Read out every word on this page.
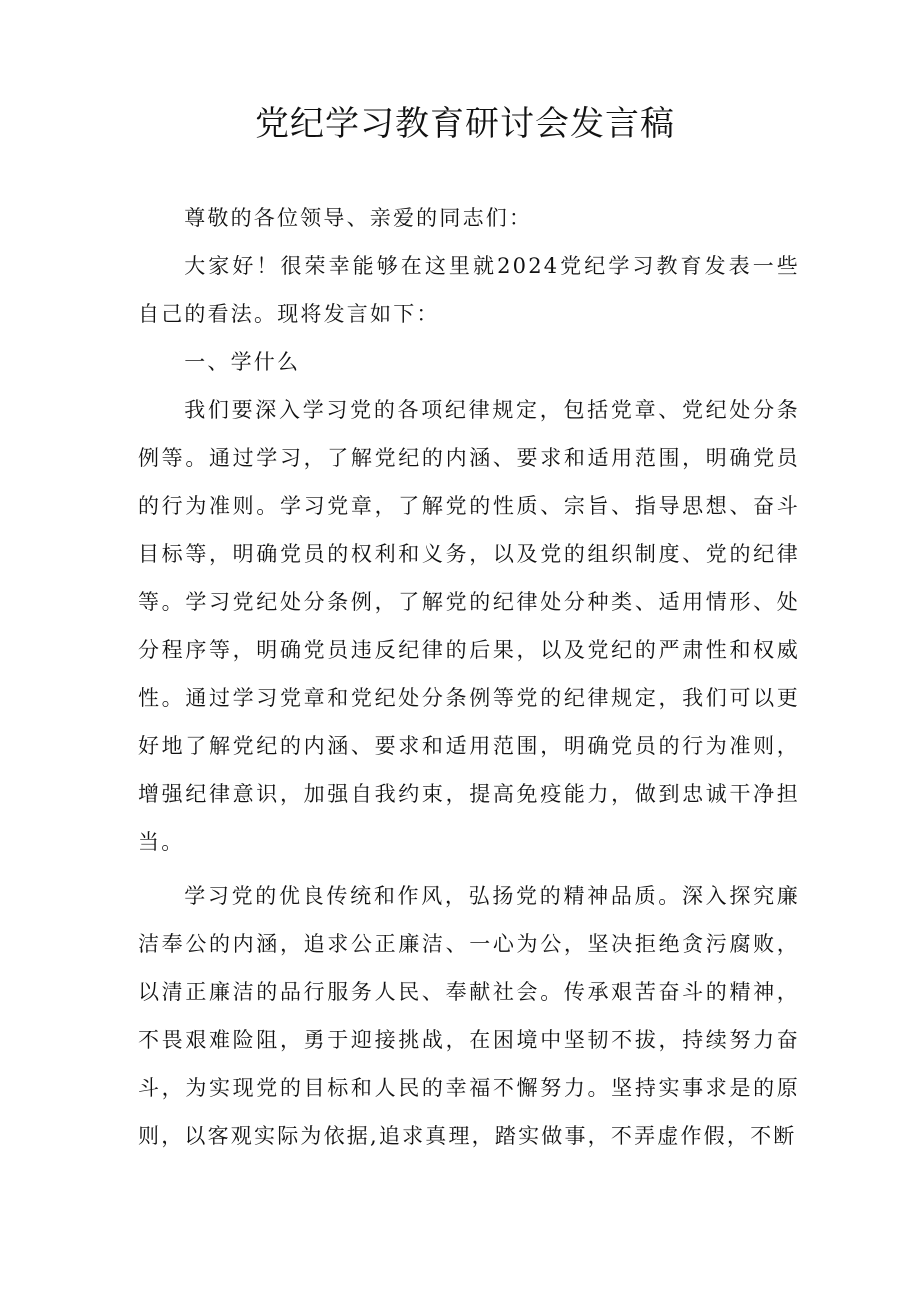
党纪学习教育研讨会发言稿

尊敬的各位领导、亲爱的同志们：

大家好！很荣幸能够在这里就2024党纪学习教育发表一些自己的看法。现将发言如下：

一、学什么

我们要深入学习党的各项纪律规定，包括党章、党纪处分条例等。通过学习，了解党纪的内涵、要求和适用范围，明确党员的行为准则。学习党章，了解党的性质、宗旨、指导思想、奋斗目标等，明确党员的权利和义务，以及党的组织制度、党的纪律等。学习党纪处分条例，了解党的纪律处分种类、适用情形、处分程序等，明确党员违反纪律的后果，以及党纪的严肃性和权威性。通过学习党章和党纪处分条例等党的纪律规定，我们可以更好地了解党纪的内涵、要求和适用范围，明确党员的行为准则，增强纪律意识，加强自我约束，提高免疫能力，做到忠诚干净担当。

学习党的优良传统和作风，弘扬党的精神品质。深入探究廉洁奉公的内涵，追求公正廉洁、一心为公，坚决拒绝贪污腐败，以清正廉洁的品行服务人民、奉献社会。传承艰苦奋斗的精神，不畏艰难险阻，勇于迎接挑战，在困境中坚韧不拔，持续努力奋斗，为实现党的目标和人民的幸福不懈努力。坚持实事求是的原则，以客观实际为依据,追求真理，踏实做事，不弄虚作假，不断
